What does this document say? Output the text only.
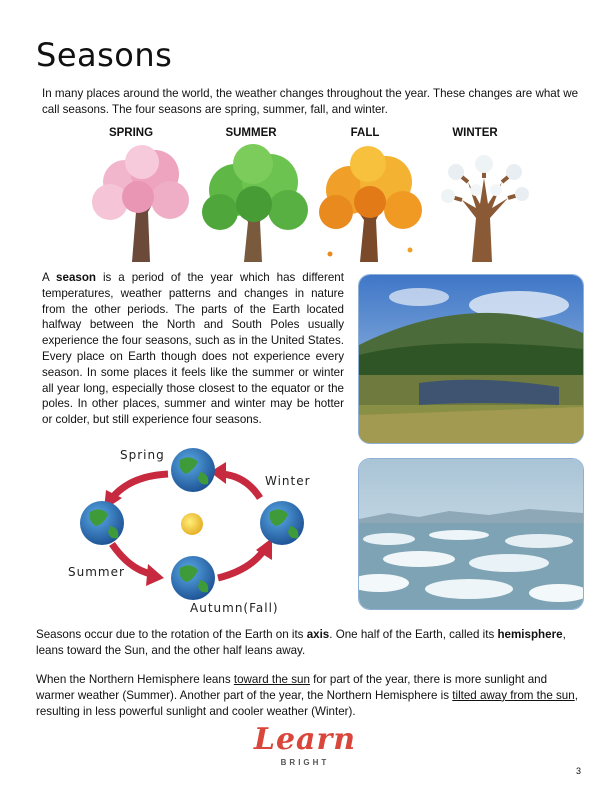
Seasons
In many places around the world, the weather changes throughout the year. These changes are what we call seasons. The four seasons are spring, summer, fall, and winter.
SPRING	SUMMER	FALL	WINTER
A season is a period of the year which has different temperatures, weather patterns and changes in nature from the other periods. The parts of the Earth located halfway between the North and South Poles usually experience the four seasons, such as in the United States. Every place on Earth though does not experience every season. In some places it feels like the summer or winter all year long, especially those closest to the equator or the poles. In other places, summer and winter may be hotter or colder, but still experience four seasons.
Spring
Winter
Summer
Autumn(Fall)
Seasons occur due to the rotation of the Earth on its axis. One half of the Earth, called its hemisphere, leans toward the Sun, and the other half leans away.
When the Northern Hemisphere leans toward the sun for part of the year, there is more sunlight and warmer weather (Summer). Another part of the year, the Northern Hemisphere is tilted away from the sun, resulting in less powerful sunlight and cooler weather (Winter).
Learn
BRIGHT
3
